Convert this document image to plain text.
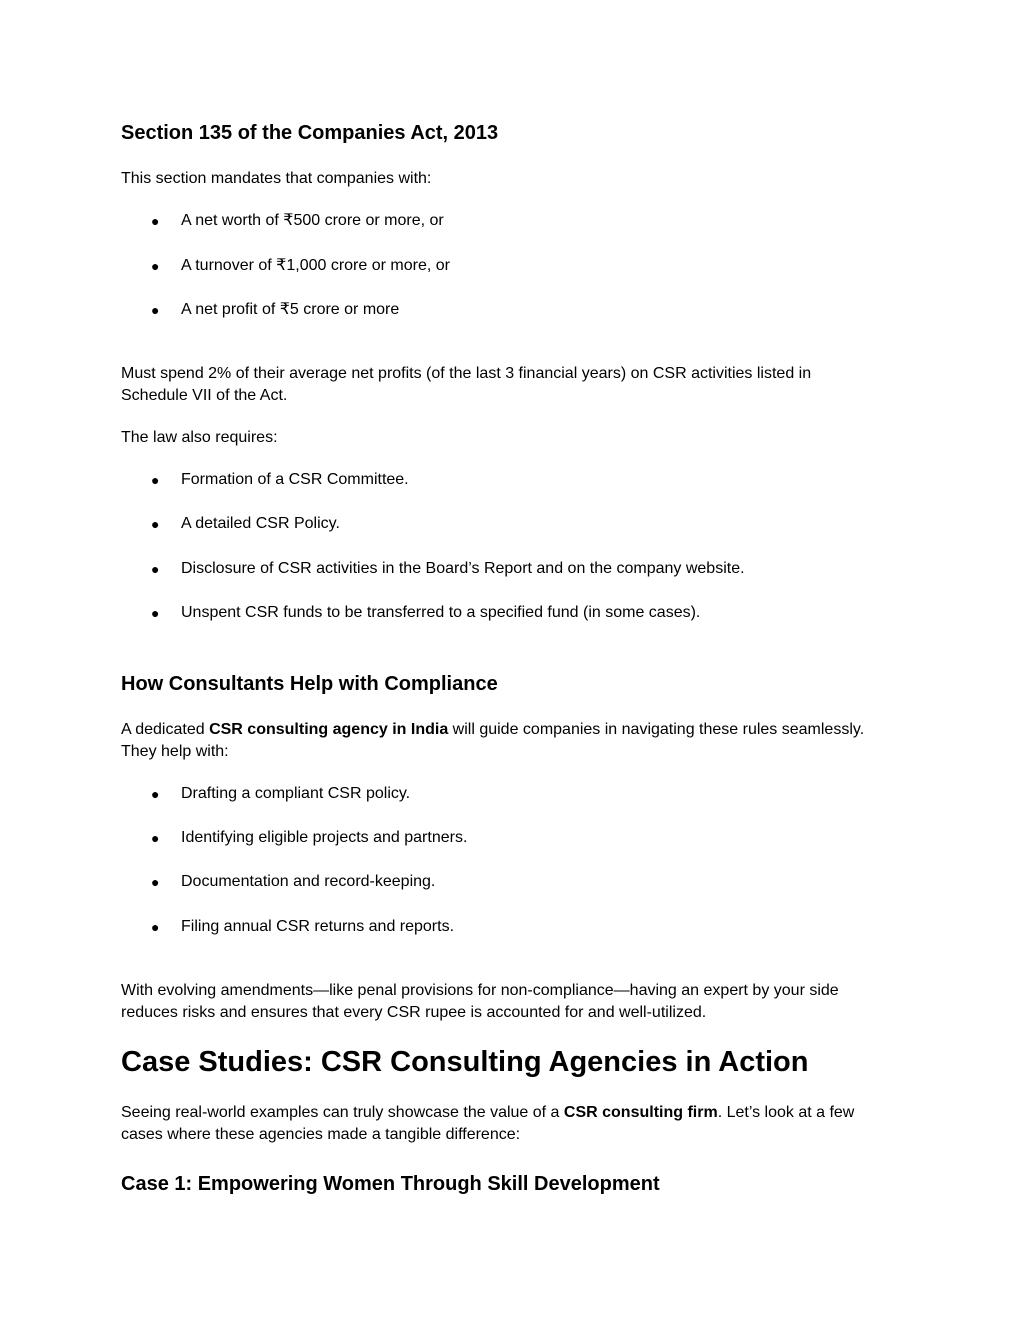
Section 135 of the Companies Act, 2013

This section mandates that companies with:

● A net worth of ₹500 crore or more, or
● A turnover of ₹1,000 crore or more, or
● A net profit of ₹5 crore or more

Must spend 2% of their average net profits (of the last 3 financial years) on CSR activities listed in

Schedule VII of the Act.

The law also requires:

● Formation of a CSR Committee.
● A detailed CSR Policy.
● Disclosure of CSR activities in the Board’s Report and on the company website.
● Unspent CSR funds to be transferred to a specified fund (in some cases).
How Consultants Help with Compliance

A dedicated CSR consulting agency in India will guide companies in navigating these rules seamlessly.

They help with:

● Drafting a compliant CSR policy.
● Identifying eligible projects and partners.
● Documentation and record-keeping.
● Filing annual CSR returns and reports.

With evolving amendments—like penal provisions for non-compliance—having an expert by your side

reduces risks and ensures that every CSR rupee is accounted for and well-utilized.

Case Studies: CSR Consulting Agencies in Action

Seeing real-world examples can truly showcase the value of a CSR consulting firm. Let’s look at a few

cases where these agencies made a tangible difference:

Case 1: Empowering Women Through Skill Development
